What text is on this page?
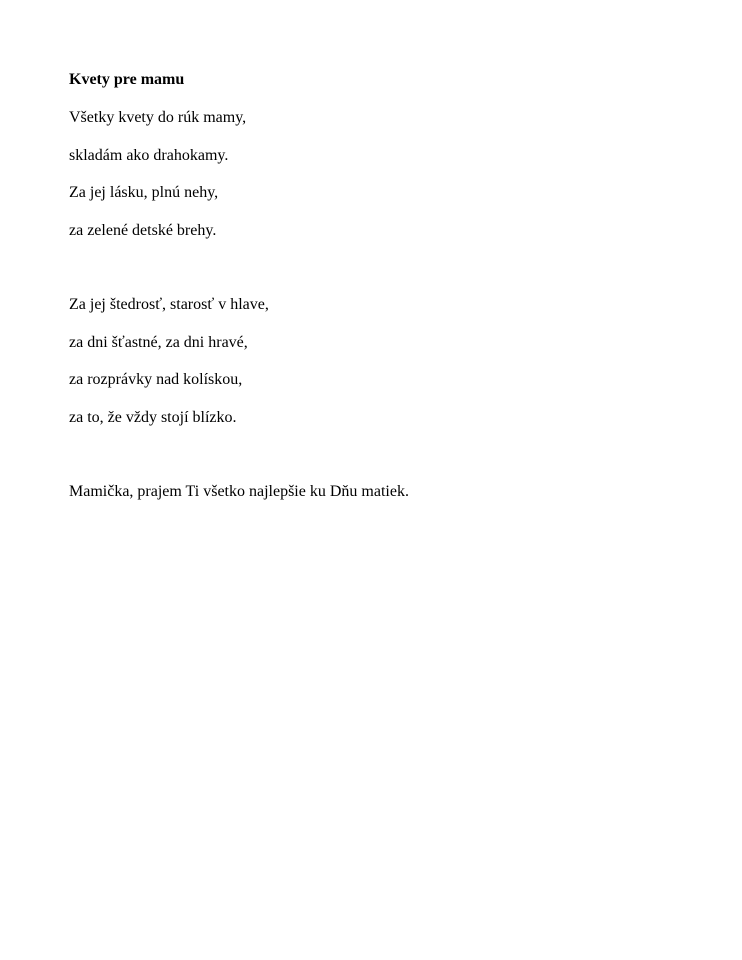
Kvety pre mamu
Všetky kvety do rúk mamy,
skladám ako drahokamy.
Za jej lásku, plnú nehy,
za zelené detské brehy.
Za jej štedrosť, starosť v hlave,
za dni šťastné, za dni hravé,
za rozprávky nad kolískou,
za to, že vždy stojí blízko.
Mamička, prajem Ti všetko najlepšie ku Dňu matiek.
